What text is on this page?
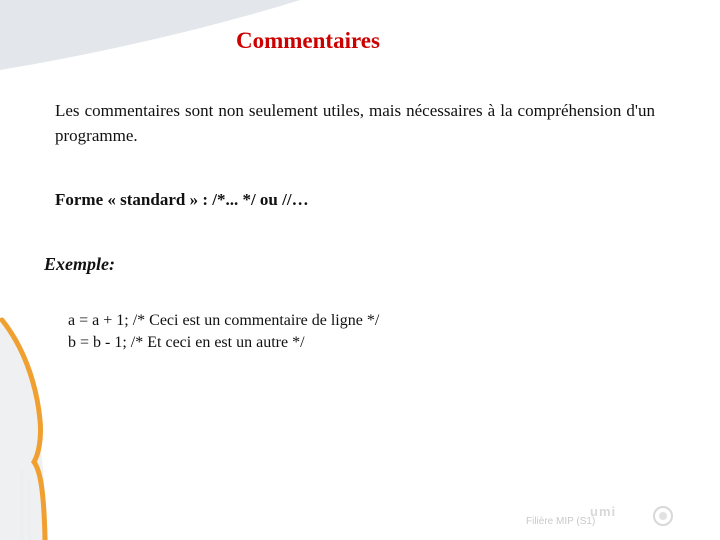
Commentaires
Les commentaires sont non seulement utiles, mais nécessaires à la compréhension d'un programme.
Forme « standard » : /*... */ ou //…
Exemple:
a = a + 1; /* Ceci est un commentaire de ligne */
b = b - 1; /* Et ceci en est un autre */
Filière MIP (S1)
umi
